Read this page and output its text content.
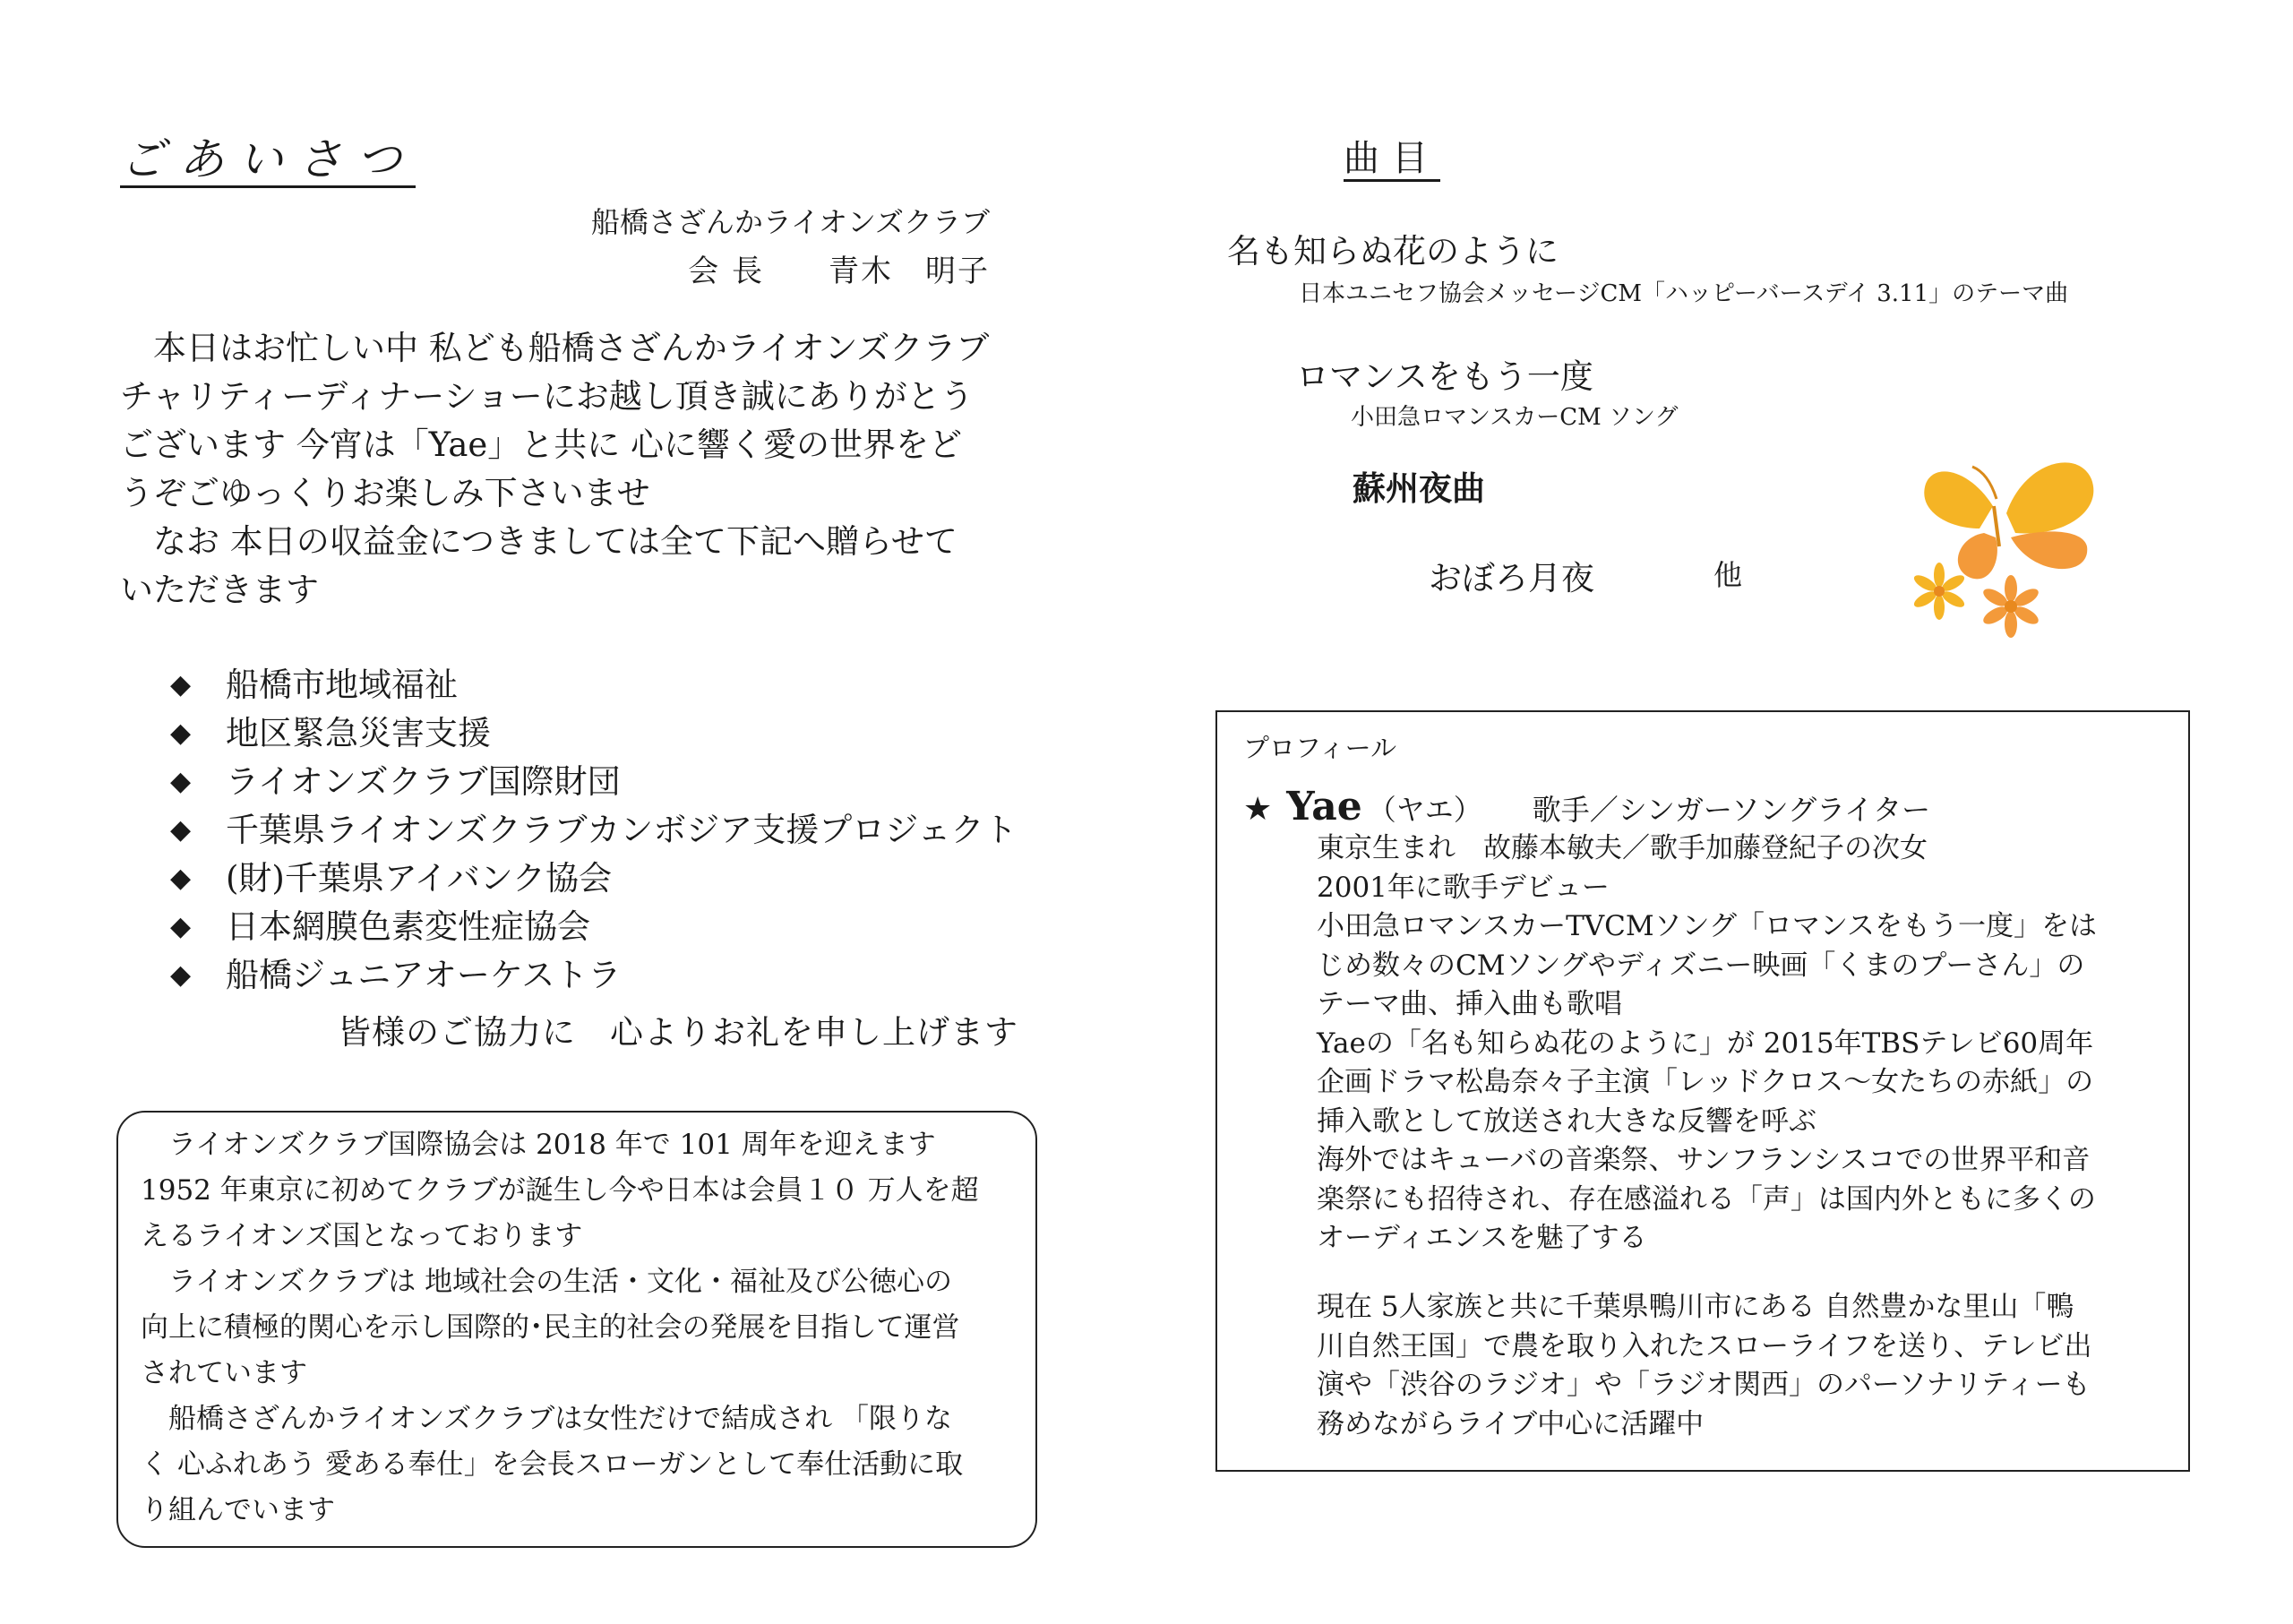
ごあいさつ
船橋さざんかライオンズクラブ
会 長　　青木　明子

　本日はお忙しい中 私ども船橋さざんかライオンズクラブ

チャリティーディナーショーにお越し頂き誠にありがとう

ございます 今宵は「Yae」と共に 心に響く愛の世界をど

うぞごゆっくりお楽しみ下さいませ

　なお 本日の収益金につきましては全て下記へ贈らせて

いただきます

◆ 船橋市地域福祉
◆ 地区緊急災害支援
◆ ライオンズクラブ国際財団
◆ 千葉県ライオンズクラブカンボジア支援プロジェクト
◆ (財)千葉県アイバンク協会
◆ 日本網膜色素変性症協会
◆ 船橋ジュニアオーケストラ
皆様のご協力に　心よりお礼を申し上げます

　ライオンズクラブ国際協会は 2018 年で 101 周年を迎えます

1952 年東京に初めてクラブが誕生し今や日本は会員１０ 万人を超

えるライオンズ国となっております

　ライオンズクラブは 地域社会の生活・文化・福祉及び公徳心の

向上に積極的関心を示し国際的･民主的社会の発展を目指して運営

されています

　船橋さざんかライオンズクラブは女性だけで結成され 「限りな

く 心ふれあう 愛ある奉仕」を会長スローガンとして奉仕活動に取

り組んでいます

曲目
名も知らぬ花のように
日本ユニセフ協会メッセージCM「ハッピーバースデイ 3.11」のテーマ曲
ロマンスをもう一度
小田急ロマンスカーCM ソング
蘇州夜曲
おぼろ月夜	他
プロフィール
★ Yae （ヤエ） 歌手／シンガーソングライター

東京生まれ　故藤本敏夫／歌手加藤登紀子の次女

2001年に歌手デビュー

小田急ロマンスカーTVCMソング「ロマンスをもう一度」をは

じめ数々のCMソングやディズニー映画「くまのプーさん」の

テーマ曲、挿入曲も歌唱

Yaeの「名も知らぬ花のように」が 2015年TBSテレビ60周年

企画ドラマ松島奈々子主演「レッドクロス～女たちの赤紙」の

挿入歌として放送され大きな反響を呼ぶ

海外ではキューバの音楽祭、サンフランシスコでの世界平和音

楽祭にも招待され、存在感溢れる「声」は国内外ともに多くの

オーディエンスを魅了する

現在 5人家族と共に千葉県鴨川市にある 自然豊かな里山「鴨

川自然王国」で農を取り入れたスローライフを送り、テレビ出

演や「渋谷のラジオ」や「ラジオ関西」のパーソナリティーも

務めながらライブ中心に活躍中
